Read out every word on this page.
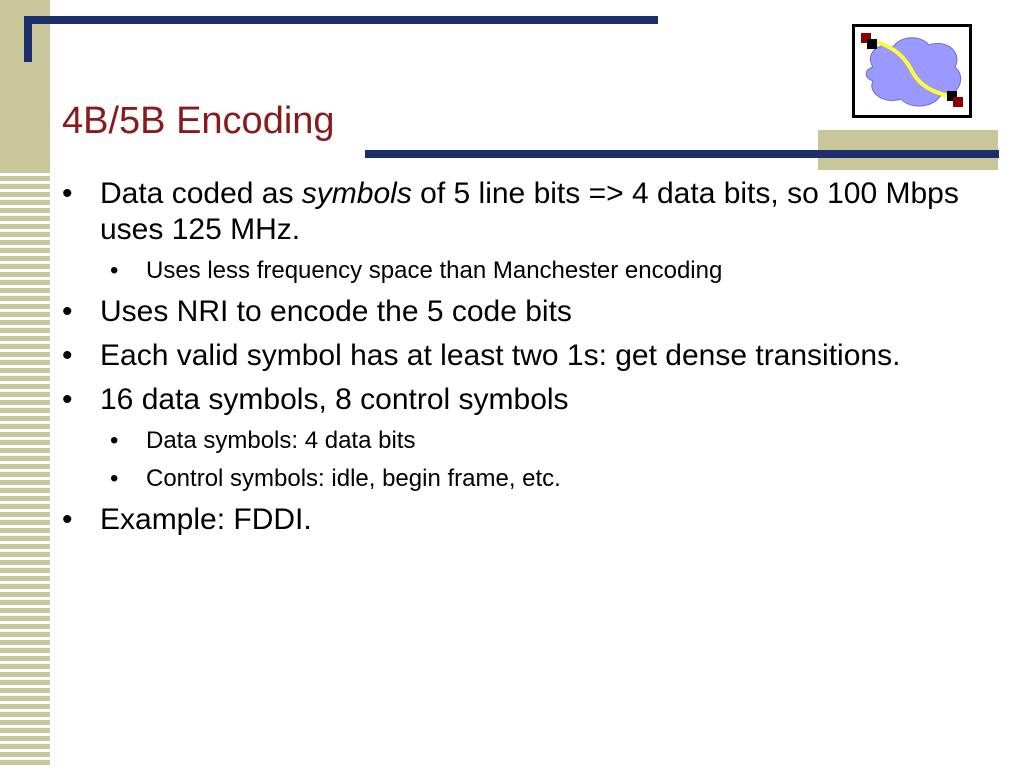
4B/5B Encoding
• Data coded as symbols of 5 line bits => 4 data bits, so 100 Mbps uses 125 MHz.
• Uses less frequency space than Manchester encoding
• Uses NRI to encode the 5 code bits
• Each valid symbol has at least two 1s: get dense transitions.
• 16 data symbols, 8 control symbols
• Data symbols: 4 data bits
• Control symbols: idle, begin frame, etc.
• Example: FDDI.
